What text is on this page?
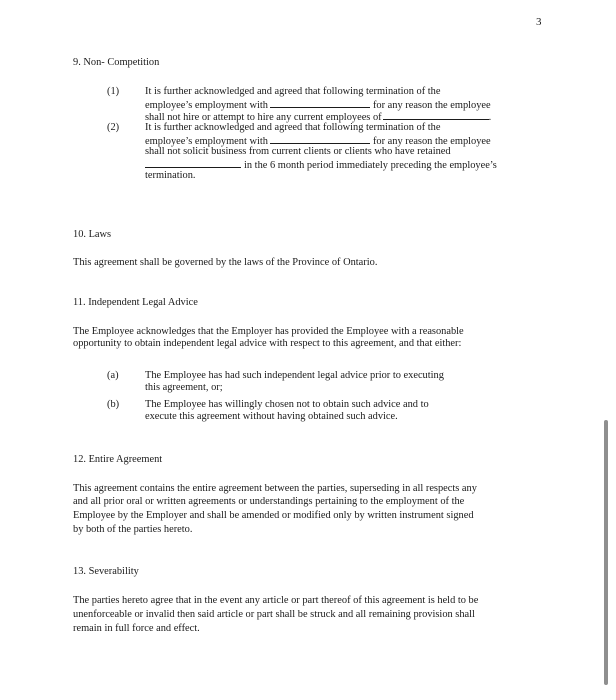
3
9. Non- Competition
(1) It is further acknowledged and agreed that following termination of the
employee’s employment with	for any reason the employee
shall not hire or attempt to hire any current employees of	.
(2) It is further acknowledged and agreed that following termination of the
employee’s employment with	for any reason the employee
shall not solicit business from current clients or clients who have retained
in the 6 month period immediately preceding the employee’s
termination.
10. Laws
This agreement shall be governed by the laws of the Province of Ontario.
11. Independent Legal Advice
The Employee acknowledges that the Employer has provided the Employee with a reasonable
opportunity to obtain independent legal advice with respect to this agreement, and that either:
(a)	The Employee has had such independent legal advice prior to executing
this agreement, or;
(b) The Employee has willingly chosen not to obtain such advice and to
execute this agreement without having obtained such advice.
12. Entire Agreement
This agreement contains the entire agreement between the parties, superseding in all respects any
and all prior oral or written agreements or understandings pertaining to the employment of the
Employee by the Employer and shall be amended or modified only by written instrument signed
by both of the parties hereto.
13. Severability
The parties hereto agree that in the event any article or part thereof of this agreement is held to be
unenforceable or invalid then said article or part shall be struck and all remaining provision shall
remain in full force and effect.
